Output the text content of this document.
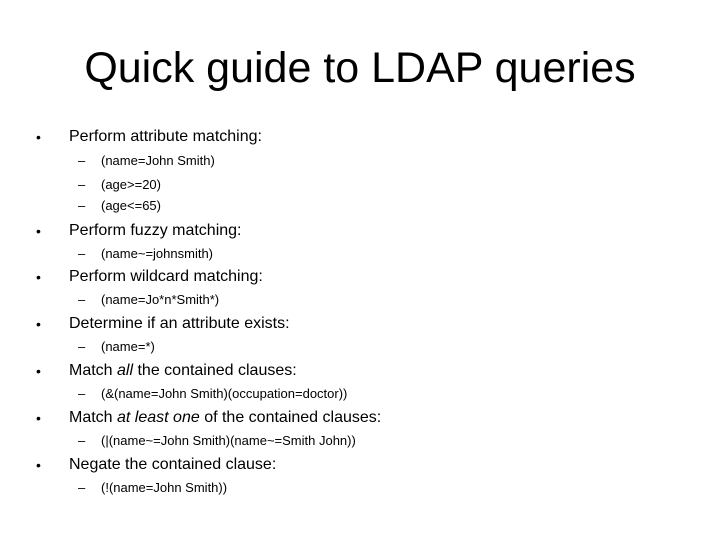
Quick guide to LDAP queries
• Perform attribute matching:
– (name=John Smith)
– (age>=20)
– (age<=65)
• Perform fuzzy matching:
– (name~=johnsmith)
• Perform wildcard matching:
– (name=Jo*n*Smith*)
• Determine if an attribute exists:
– (name=*)
• Match all the contained clauses:
– (&(name=John Smith)(occupation=doctor))
• Match at least one of the contained clauses:
– (|(name~=John Smith)(name~=Smith John))
• Negate the contained clause:
– (!(name=John Smith))
